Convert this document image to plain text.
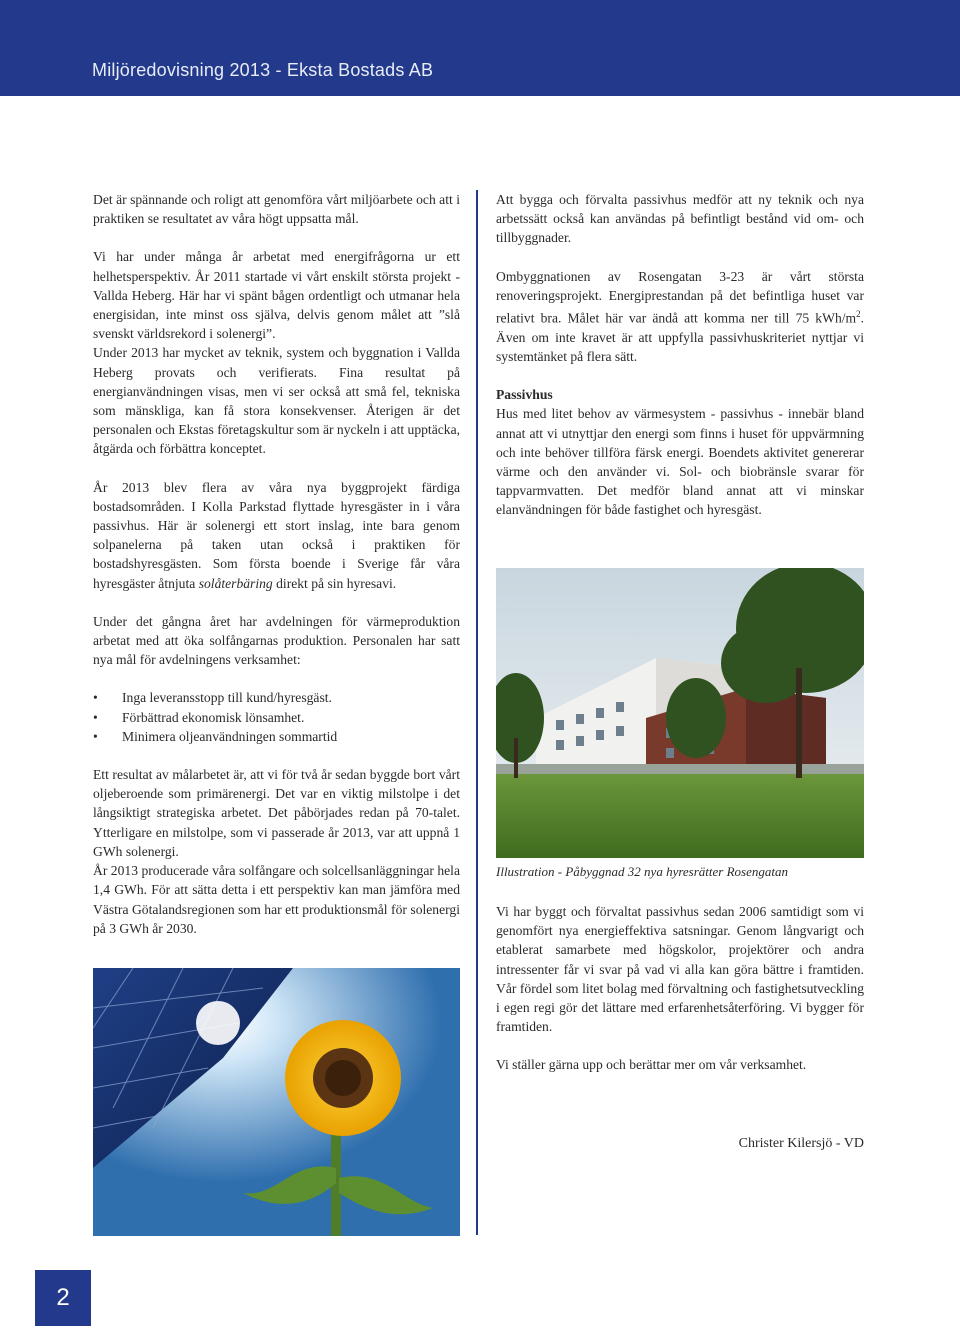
Miljöredovisning 2013 - Eksta Bostads AB

Det är spännande och roligt att genomföra vårt miljöarbete och att i praktiken se resultatet av våra högt uppsatta mål.

Vi har under många år arbetat med energifrågorna ur ett helhetsperspektiv. År 2011 startade vi vårt enskilt största projekt - Vallda Heberg. Här har vi spänt bågen ordentligt och utmanar hela energisidan, inte minst oss själva, delvis genom målet att ”slå svenskt världsrekord i solenergi”.

Under 2013 har mycket av teknik, system och byggnation i Vallda Heberg provats och verifierats. Fina resultat på energianvändningen visas, men vi ser också att små fel, tekniska som mänskliga, kan få stora konsekvenser. Återigen är det personalen och Ekstas företagskultur som är nyckeln i att upptäcka, åtgärda och förbättra konceptet.

År 2013 blev flera av våra nya byggprojekt färdiga bostadsområden. I Kolla Parkstad flyttade hyresgäster in i våra passivhus. Här är solenergi ett stort inslag, inte bara genom solpanelerna på taken utan också i praktiken för bostadshyresgästen. Som första boende i Sverige får våra hyresgäster åtnjuta solåterbäring direkt på sin hyresavi.

Under det gångna året har avdelningen för värmeproduktion arbetat med att öka solfångarnas produktion. Personalen har satt nya mål för avdelningens verksamhet:

• Inga leveransstopp till kund/hyresgäst.
• Förbättrad ekonomisk lönsamhet.
• Minimera oljeanvändningen sommartid

Ett resultat av målarbetet är, att vi för två år sedan byggde bort vårt oljeberoende som primärenergi. Det var en viktig milstolpe i det långsiktigt strategiska arbetet. Det påbörjades redan på 70-talet. Ytterligare en milstolpe, som vi passerade år 2013, var att uppnå 1 GWh solenergi.

År 2013 producerade våra solfångare och solcellsanläggningar hela 1,4 GWh. För att sätta detta i ett perspektiv kan man jämföra med Västra Götalandsregionen som har ett produktionsmål för solenergi på 3 GWh år 2030.

Att bygga och förvalta passivhus medför att ny teknik och nya arbetssätt också kan användas på befintligt bestånd vid om- och tillbyggnader.

Ombyggnationen av Rosengatan 3-23 är vårt största renoveringsprojekt. Energiprestandan på det befintliga huset var relativt bra. Målet här var ändå att komma ner till 75 kWh/$m^2$. Även om inte kravet är att uppfylla passivhuskriteriet nyttjar vi systemtänket på flera sätt.

Passivhus

Hus med litet behov av värmesystem - passivhus - innebär bland annat att vi utnyttjar den energi som finns i huset för uppvärmning och inte behöver tillföra färsk energi. Boendets aktivitet genererar värme och den använder vi. Sol- och biobränsle svarar för tappvarmvatten. Det medför bland annat att vi minskar elanvändningen för både fastighet och hyresgäst.

Illustration - Påbyggnad 32 nya hyresrätter Rosengatan

Vi har byggt och förvaltat passivhus sedan 2006 samtidigt som vi genomfört nya energieffektiva satsningar. Genom långvarigt och etablerat samarbete med högskolor, projektörer och andra intressenter får vi svar på vad vi alla kan göra bättre i framtiden. Vår fördel som litet bolag med förvaltning och fastighetsutveckling i egen regi gör det lättare med erfarenhetsåterföring. Vi bygger för framtiden.

Vi ställer gärna upp och berättar mer om vår verksamhet.

Christer Kilersjö - VD
2
